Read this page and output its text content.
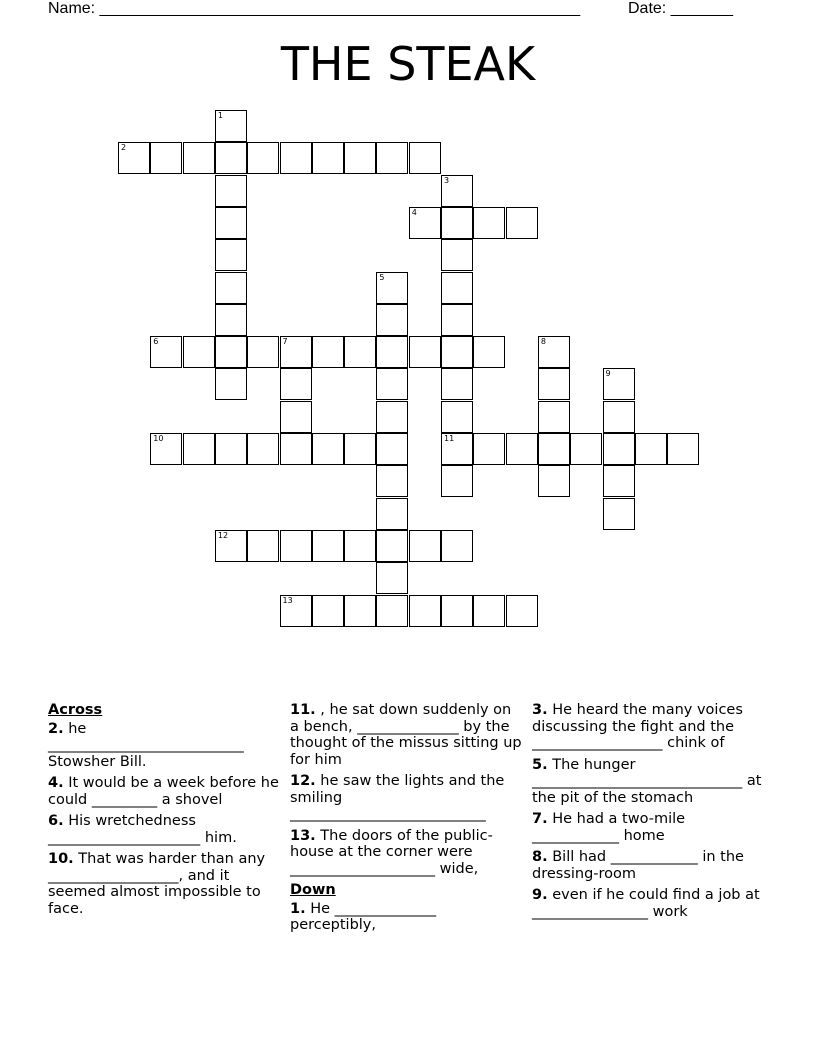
Name: ______________________________________________________	Date: _______
THE STEAK
1
2
3
11
4
5
6	7	8
9
10
12
13
Across
2. he ___________________________ Stowsher Bill.
4. It would be a week before he could _________ a shovel
6. His wretchedness _____________________ him.
10. That was harder than any __________________, and it seemed almost impossible to face.
11. , he sat down suddenly on a bench, ______________ by the thought of the missus sitting up for him
12. he saw the lights and the smiling ___________________________
13. The doors of the public-house at the corner were ____________________ wide,
Down
1. He ______________ perceptibly,
3. He heard the many voices discussing the fight and the __________________ chink of
5. The hunger _____________________________ at the pit of the stomach
7. He had a two-mile ____________ home
8. Bill had ____________ in the dressing-room
9. even if he could find a job at ________________ work
